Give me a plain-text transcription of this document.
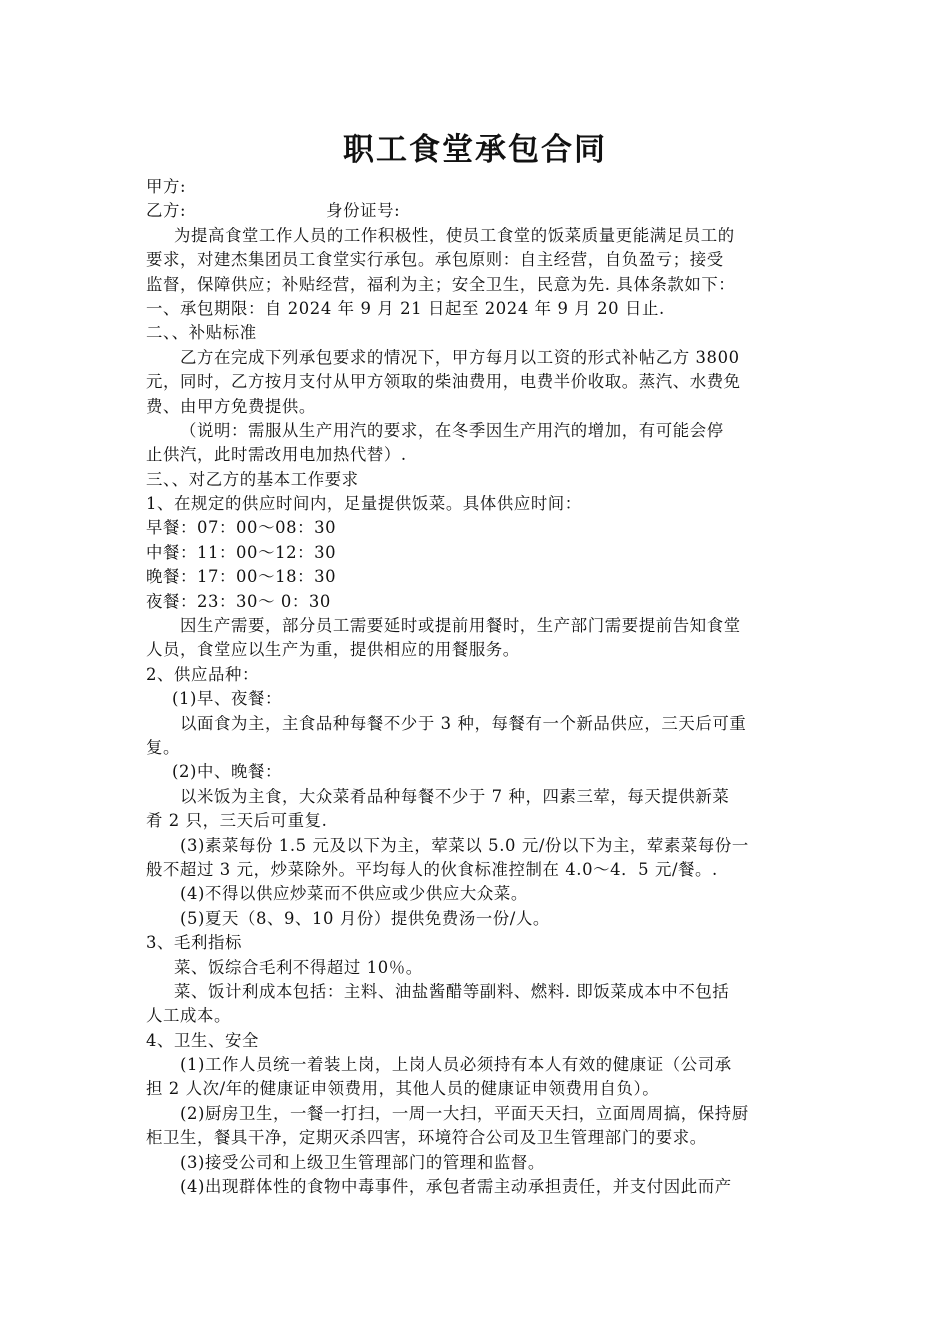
职工食堂承包合同
甲方:
乙方:	身份证号:
为提高食堂工作人员的工作积极性，使员工食堂的饭菜质量更能满足员工的
要求，对建杰集团员工食堂实行承包。承包原则：自主经营，自负盈亏；接受
监督，保障供应；补贴经营，福利为主；安全卫生，民意为先. 具体条款如下：
一、承包期限：自 2024 年 9 月 21 日起至 2024 年 9 月 20 日止.
二、、补贴标准
乙方在完成下列承包要求的情况下，甲方每月以工资的形式补帖乙方 3800
元，同时，乙方按月支付从甲方领取的柴油费用，电费半价收取。蒸汽、水费免
费、由甲方免费提供。
（说明：需服从生产用汽的要求，在冬季因生产用汽的增加，有可能会停
止供汽，此时需改用电加热代替）.
三、、对乙方的基本工作要求
1、在规定的供应时间内，足量提供饭菜。具体供应时间：
早餐：07：00～08：30
中餐：11：00～12：30
晚餐：17：00～18：30
夜餐：23：30～ 0：30
因生产需要，部分员工需要延时或提前用餐时，生产部门需要提前告知食堂
人员，食堂应以生产为重，提供相应的用餐服务。
2、供应品种：
(1)早、夜餐：
以面食为主，主食品种每餐不少于 3 种，每餐有一个新品供应，三天后可重
复。
(2)中、晚餐：
以米饭为主食，大众菜肴品种每餐不少于 7 种，四素三荤，每天提供新菜
肴 2 只，三天后可重复.
(3)素菜每份 1.5 元及以下为主，荤菜以 5.0 元/份以下为主，荤素菜每份一
般不超过 3 元，炒菜除外。平均每人的伙食标准控制在 4.0～4．5 元/餐。.
(4)不得以供应炒菜而不供应或少供应大众菜。
(5)夏天（8、9、10 月份）提供免费汤一份/人。
3、毛利指标
菜、饭综合毛利不得超过 10％。
菜、饭计利成本包括：主料、油盐酱醋等副料、燃料. 即饭菜成本中不包括
人工成本。
4、卫生、安全
(1)工作人员统一着装上岗，上岗人员必须持有本人有效的健康证（公司承
担 2 人次/年的健康证申领费用，其他人员的健康证申领费用自负）。
(2)厨房卫生，一餐一打扫，一周一大扫，平面天天扫，立面周周搞，保持厨
柜卫生，餐具干净，定期灭杀四害，环境符合公司及卫生管理部门的要求。
(3)接受公司和上级卫生管理部门的管理和监督。
(4)出现群体性的食物中毒事件，承包者需主动承担责任，并支付因此而产
